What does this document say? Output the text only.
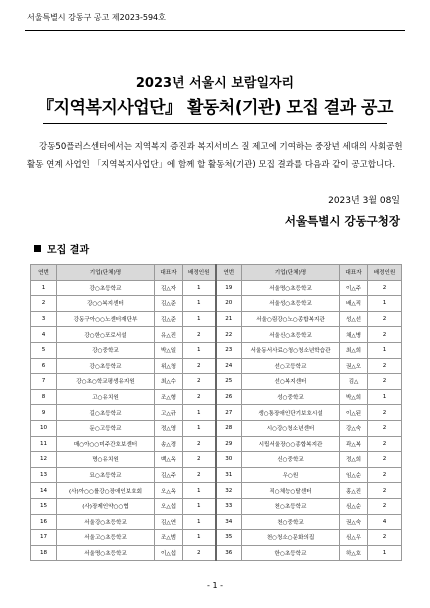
서울특별시 강동구 공고 제2023-594호
2023년 서울시 보람일자리
『지역복지사업단』 활동처(기관) 모집 결과 공고
강동50플러스센터에서는 지역복지 증진과 복지서비스 질 제고에 기여하는 중장년 세대의 사회공헌활동 연계 사업인 「지역복지사업단」에 함께 할 활동처(기관) 모집 결과를 다음과 같이 공고합니다.
2023년 3월 08일
서울특별시 강동구청장
모집 결과
연번	기업(단체)명	대표자	배정인원	연번	기업(단체)명	대표자	배정인원
1	강○초등학교	김△자	1	19	서울명○초등학교	이△주	2
2	강○○복지센터	김△준	1	20	서울성○초등학교	배△직	1
3	강동구아○○노센터재단부	김△준	1	21	서울○림강○노○종합복지관	성△선	2
4	강○한○포로서설	유△진	2	22	서울신○초등학교	채△병	2
5	강○중학교	박△일	1	23	서울동서사료○청○청소년학습관	최△희	1
6	강○초등학교	위△청	2	24	선○고등학교	권△오	2
7	강○초○학교평생유지원	최△수	2	25	선○복지센터	김△	2
8	고○유치원	조△형	2	26	성○중학교	박△희	1
9	길○초등학교	고△규	1	27	생○통장애인단기보호시설	이△된	2
10	둔○고등학교	정△영	1	28	시○강○청소년센터	강△숙	2
11	매○아○○미주간호보센터	송△경	2	29	시립서울장○○종합복지관	곽△복	2
12	명○유치원	백△옥	2	30	신○중학교	정△희	2
13	묘○초등학교	김△주	2	31	우○원	임△순	2
14	(사)아○○를강○장애인보호회	오△옥	1	32	직○체능○탈센터	홍△진	2
15	(사)장제인약○○협	오△섭	1	33	천○초등학교	심△순	2
16	서울강○초등학교	김△연	1	34	천○중학교	권△숙	4
17	서울고○초등학교	조△범	1	35	천○청소○문화의집	심△우	2
18	서울명○초등학교	이△섭	2	36	한○초등학교	하△호	1
- 1 -
